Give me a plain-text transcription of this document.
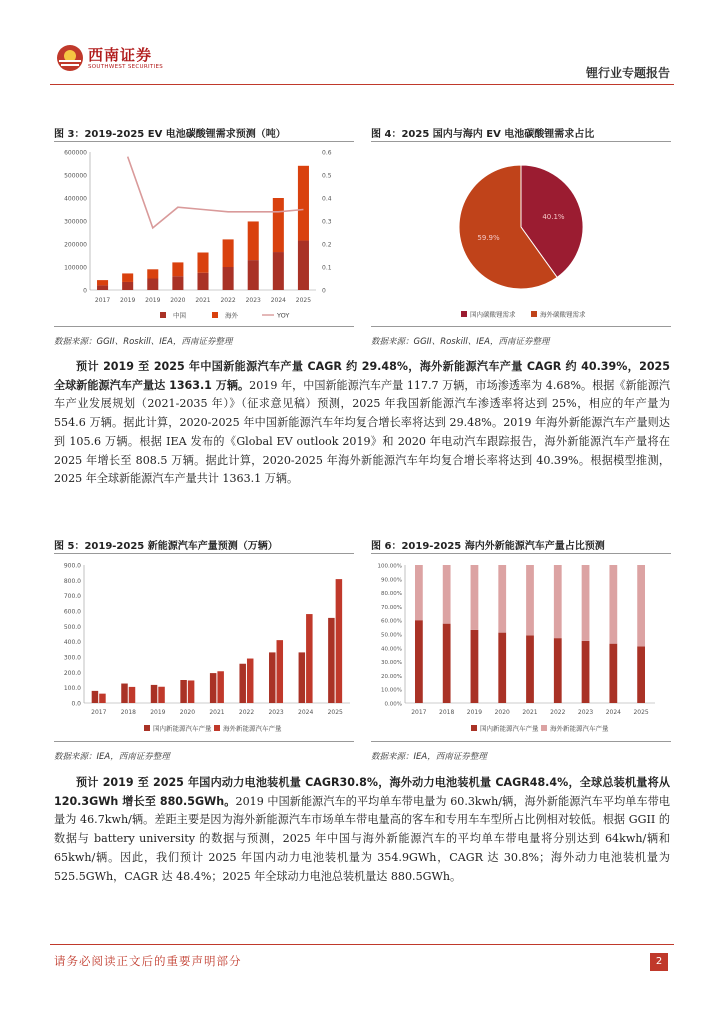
西南证券
SOUTHWEST SECURITIES	锂行业专题报告
图 3：2019-2025 EV 电池碳酸锂需求预测（吨）
0
100000
200000
300000
400000
500000
600000
0
0.1
0.2
0.3
0.4
0.5
0.6
2017 2019 2019 2020 2021 2022 2023 2024 2025
中国	海外	YOY
数据来源：GGII、Roskill、IEA，西南证券整理
图 4：2025 国内与海内 EV 电池碳酸锂需求占比
40.1%
59.9%
国内碳酸锂需求	海外碳酸锂需求
数据来源：GGII、Roskill、IEA，西南证券整理
预计 2019 至 2025 年中国新能源汽车产量 CAGR 约 29.48%，海外新能源汽车产量 CAGR 约 40.39%，2025 全球新能源汽车产量达 1363.1 万辆。2019 年，中国新能源汽车产量 117.7 万辆，市场渗透率为 4.68%。根据《新能源汽车产业发展规划（2021-2035 年）》（征求意见稿）预测，2025 年我国新能源汽车渗透率将达到 25%，相应的年产量为 554.6 万辆。据此计算，2020-2025 年中国新能源汽车年均复合增长率将达到 29.48%。2019 年海外新能源汽车产量则达到 105.6 万辆。根据 IEA 发布的《Global EV outlook 2019》和 2020 年电动汽车跟踪报告，海外新能源汽车产量将在 2025 年增长至 808.5 万辆。据此计算，2020-2025 年海外新能源汽车年均复合增长率将达到 40.39%。根据模型推测，2025 年全球新能源汽车产量共计 1363.1 万辆。
图 5：2019-2025 新能源汽车产量预测（万辆）
0.0
100.0
200.0
300.0
400.0
500.0
600.0
700.0
800.0
900.0
2017 2018 2019 2020 2021 2022 2023 2024 2025
国内新能源汽车产量 海外新能源汽车产量
数据来源：IEA，西南证券整理
图 6：2019-2025 海内外新能源汽车产量占比预测
0.00%
10.00%
20.00%
30.00%
40.00%
50.00%
60.00%
70.00%
80.00%
90.00%
100.00%
2017 2018 2019 2020 2021 2022 2023 2024 2025
国内新能源汽车产量 海外新能源汽车产量
数据来源：IEA，西南证券整理
预计 2019 至 2025 年国内动力电池装机量 CAGR30.8%，海外动力电池装机量 CAGR48.4%，全球总装机量将从 120.3GWh 增长至 880.5GWh。2019 中国新能源汽车的平均单车带电量为 60.3kwh/辆，海外新能源汽车平均单车带电量为 46.7kwh/辆。差距主要是因为海外新能源汽车市场单车带电量高的客车和专用车车型所占比例相对较低。根据 GGII 的数据与 battery university 的数据与预测，2025 年中国与海外新能源汽车的平均单车带电量将分别达到 64kwh/辆和 65kwh/辆。因此，我们预计 2025 年国内动力电池装机量为 354.9GWh，CAGR 达 30.8%；海外动力电池装机量为 525.5GWh，CAGR 达 48.4%；2025 年全球动力电池总装机量达 880.5GWh。
请务必阅读正文后的重要声明部分	2
